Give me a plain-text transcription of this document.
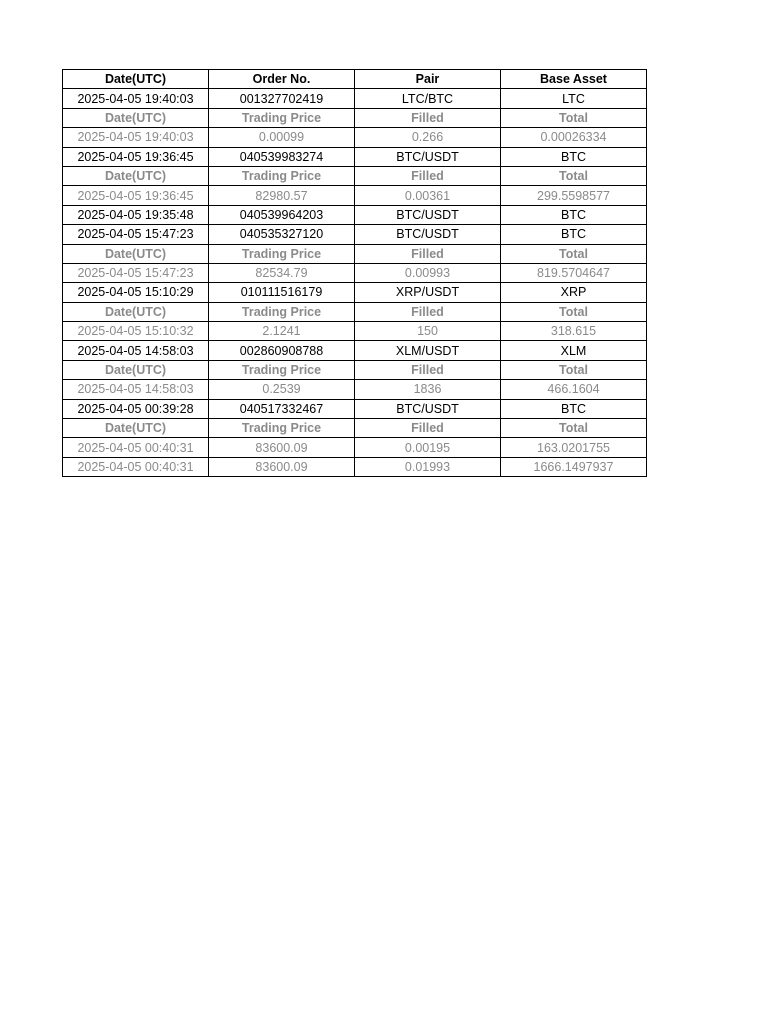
Date(UTC)	Order No.	Pair	Base Asset
2025-04-05 19:40:03	001327702419	LTC/BTC	LTC
Date(UTC)	Trading Price	Filled	Total
2025-04-05 19:40:03	0.00099	0.266	0.00026334
2025-04-05 19:36:45	040539983274	BTC/USDT	BTC
Date(UTC)	Trading Price	Filled	Total
2025-04-05 19:36:45	82980.57	0.00361	299.5598577
2025-04-05 19:35:48	040539964203	BTC/USDT	BTC
2025-04-05 15:47:23	040535327120	BTC/USDT	BTC
Date(UTC)	Trading Price	Filled	Total
2025-04-05 15:47:23	82534.79	0.00993	819.5704647
2025-04-05 15:10:29	010111516179	XRP/USDT	XRP
Date(UTC)	Trading Price	Filled	Total
2025-04-05 15:10:32	2.1241	150	318.615
2025-04-05 14:58:03	002860908788	XLM/USDT	XLM
Date(UTC)	Trading Price	Filled	Total
2025-04-05 14:58:03	0.2539	1836	466.1604
2025-04-05 00:39:28	040517332467	BTC/USDT	BTC
Date(UTC)	Trading Price	Filled	Total
2025-04-05 00:40:31	83600.09	0.00195	163.0201755
2025-04-05 00:40:31	83600.09	0.01993	1666.1497937
